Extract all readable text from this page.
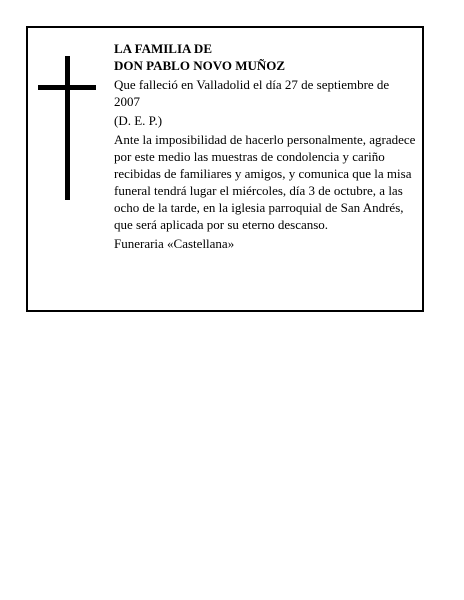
LA FAMILIA DE

DON PABLO NOVO MUÑOZ

Que falleció en Valladolid el día 27 de septiembre de 2007

(D. E. P.)

Ante la imposibilidad de hacerlo personalmente, agradece por este medio las muestras de condolencia y cariño recibidas de familiares y amigos, y comunica que la misa funeral tendrá lugar el miércoles, día 3 de octubre, a las ocho de la tarde, en la iglesia parroquial de San Andrés, que será aplicada por su eterno descanso.

Funeraria «Castellana»
